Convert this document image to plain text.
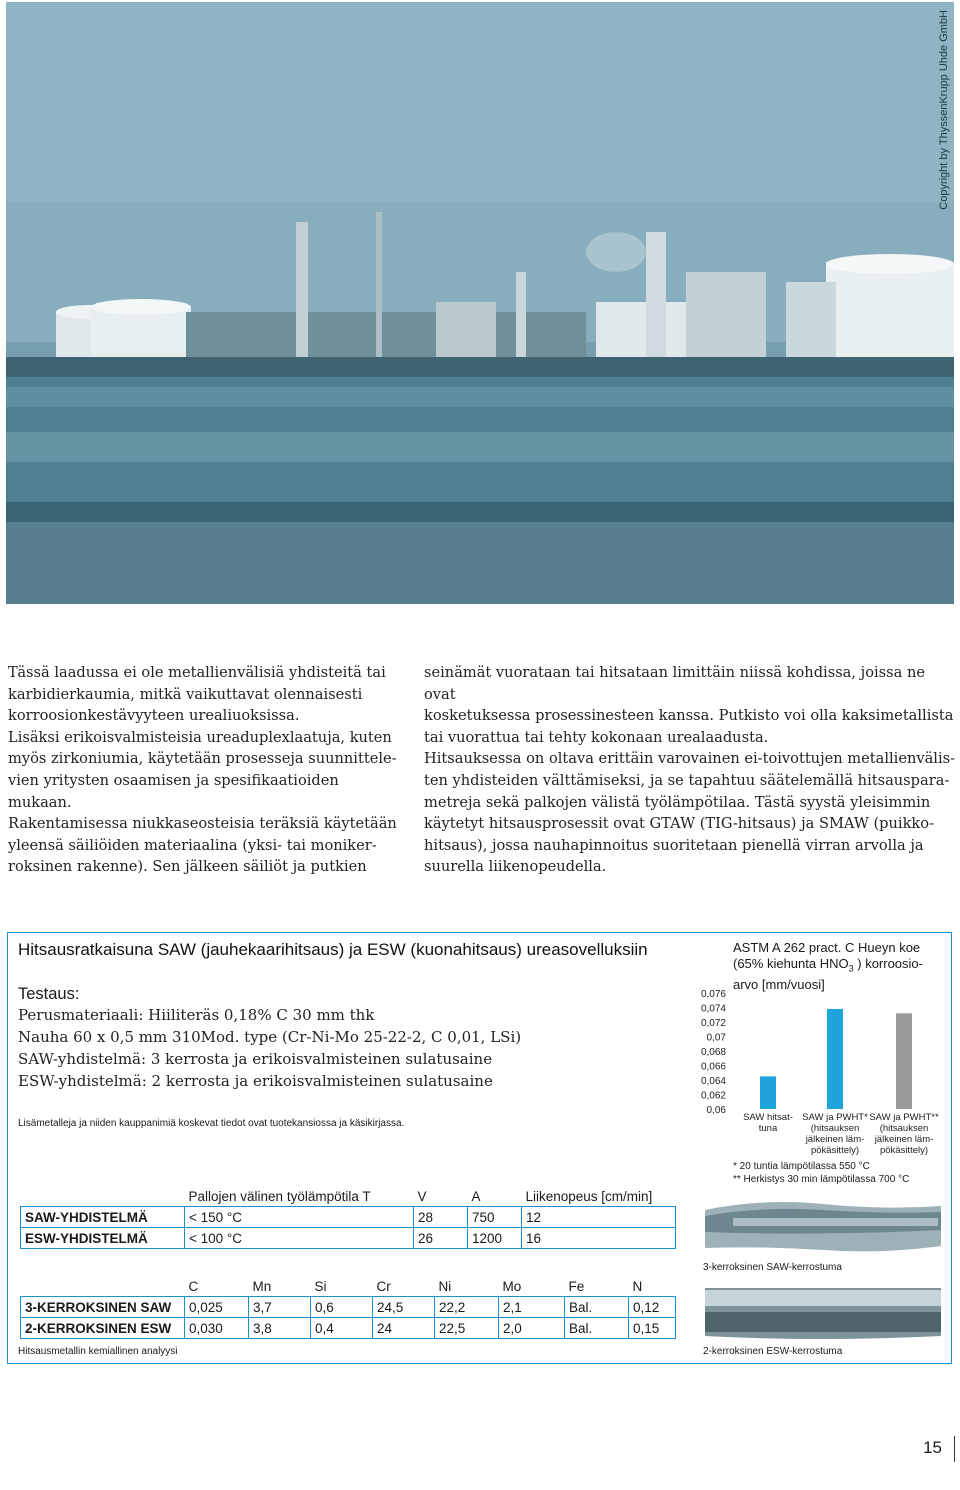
Copyright by ThyssenKrupp Uhde GmbH

Tässä laadussa ei ole metallienvälisiä yhdisteitä tai
karbidierkaumia, mitkä vaikuttavat olennaisesti
korroosionkestävyyteen urealiuoksissa.

Lisäksi erikoisvalmisteisia ureaduplexlaatuja, kuten
myös zirkoniumia, käytetään prosesseja suunnittele-
vien yritysten osaamisen ja spesifikaatioiden
mukaan.

Rakentamisessa niukkaseosteisia teräksiä käytetään
yleensä säiliöiden materiaalina (yksi- tai moniker-
roksinen rakenne). Sen jälkeen säiliöt ja putkien

seinämät vuorataan tai hitsataan limittäin niissä kohdissa, joissa ne ovat
kosketuksessa prosessinesteen kanssa. Putkisto voi olla kaksimetallista
tai vuorattua tai tehty kokonaan urealaadusta.

Hitsauksessa on oltava erittäin varovainen ei-toivottujen metallienvälis-
ten yhdisteiden välttämiseksi, ja se tapahtuu säätelemällä hitsauspara-
metreja sekä palkojen välistä työlämpötilaa. Tästä syystä yleisimmin
käytetyt hitsausprosessit ovat GTAW (TIG-hitsaus) ja SMAW (puikko-
hitsaus), jossa nauhapinnoitus suoritetaan pienellä virran arvolla ja
suurella liikenopeudella.

Hitsausratkaisuna SAW (jauhekaarihitsaus) ja ESW (kuonahitsaus) ureasovelluksiin
Testaus:
Perusmateriaali: Hiiliteräs 0,18% C 30 mm thk
Nauha 60 x 0,5 mm 310Mod. type (Cr-Ni-Mo 25-22-2, C 0,01, LSi)
SAW-yhdistelmä: 3 kerrosta ja erikoisvalmisteinen sulatusaine
ESW-yhdistelmä: 2 kerrosta ja erikoisvalmisteinen sulatusaine
Lisämetalleja ja niiden kauppanimiä koskevat tiedot ovat tuotekansiossa ja käsikirjassa.
	Pallojen välinen työlämpötila T	V	A	Liikenopeus [cm/min]
SAW-YHDISTELMÄ	< 150 °C	28	750	12
ESW-YHDISTELMÄ	< 100 °C	26	1200	16
	C	Mn	Si	Cr	Ni	Mo	Fe	N
3-KERROKSINEN SAW	0,025	3,7	0,6	24,5	22,2	2,1	Bal.	0,12
2-KERROKSINEN ESW	0,030	3,8	0,4	24	22,5	2,0	Bal.	0,15
Hitsausmetallin kemiallinen analyysi
ASTM A 262 pract. C Hueyn koe
(65% kiehunta $HNO_3$ ) korroosio-
arvo [mm/vuosi]
0,076
0,074
0,072
0,07
0,068
0,066
0,064
0,062
0,06
SAW hitsat-tuna
SAW ja PWHT* (hitsauksen jälkeinen läm-pökäsittely)
SAW ja PWHT** (hitsauksen jälkeinen läm-pökäsittely)
* 20 tuntia lämpötilassa 550 °C
** Herkistys 30 min lämpötilassa 700 °C
3-kerroksinen SAW-kerrostuma
2-kerroksinen ESW-kerrostuma
15
